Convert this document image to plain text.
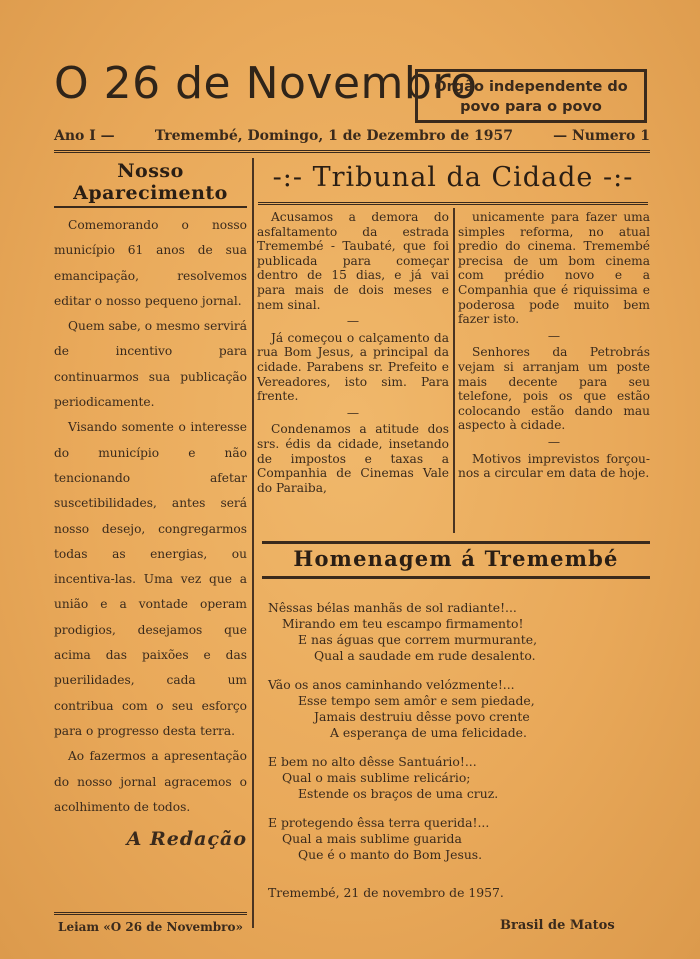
O 26 de Novembro
Orgão independente do
povo para o povo
Ano I —	Tremembé, Domingo, 1 de Dezembro de 1957	— Numero 1
Nosso Aparecimento

Comemorando o nosso município 61 anos de sua emancipação, resolvemos editar o nosso pequeno jornal.

Quem sabe, o mesmo servirá de incentivo para continuarmos sua publicação periodicamente.

Visando somente o interesse do município e não tencionando afetar suscetibilidades, antes será nosso desejo, congregarmos todas as energias, ou incentiva-las. Uma vez que a união e a vontade operam prodigios, desejamos que acima das paixões e das puerilidades, cada um contribua com o seu esforço para o progresso desta terra.

Ao fazermos a apresentação do nosso jornal agracemos o acolhimento de todos.

A Redação
Leiam «O 26 de Novembro»
-:- Tribunal da Cidade -:-

Acusamos a demora do asfaltamento da estrada Tremembé - Taubaté, que foi publicada para começar dentro de 15 dias, e já vai para mais de dois meses e nem sinal.

—

Já começou o calçamento da rua Bom Jesus, a principal da cidade. Parabens sr. Prefeito e Vereadores, isto sim. Para frente.

—

Condenamos a atitude dos srs. édis da cidade, insetando de impostos e taxas a Companhia de Cinemas Vale do Paraiba,

unicamente para fazer uma simples reforma, no atual predio do cinema. Tremembé precisa de um bom cinema com prédio novo e a Companhia que é riquissima e poderosa pode muito bem fazer isto.

—

Senhores da Petrobrás vejam si arranjam um poste mais decente para seu telefone, pois os que estão colocando estão dando mau aspecto à cidade.

—

Motivos imprevistos forçou-nos a circular em data de hoje.

Homenagem á Tremembé
Nêssas bélas manhãs de sol radiante!...
Mirando em teu escampo firmamento!
E nas águas que correm murmurante,
Qual a saudade em rude desalento.
Vão os anos caminhando velózmente!...
Esse tempo sem amôr e sem piedade,
Jamais destruiu dêsse povo crente
A esperança de uma felicidade.
E bem no alto dêsse Santuário!...
Qual o mais sublime relicário;
Estende os braços de uma cruz.
E protegendo êssa terra querida!...
Qual a mais sublime guarida
Que é o manto do Bom Jesus.
Tremembé, 21 de novembro de 1957.
Brasil de Matos
